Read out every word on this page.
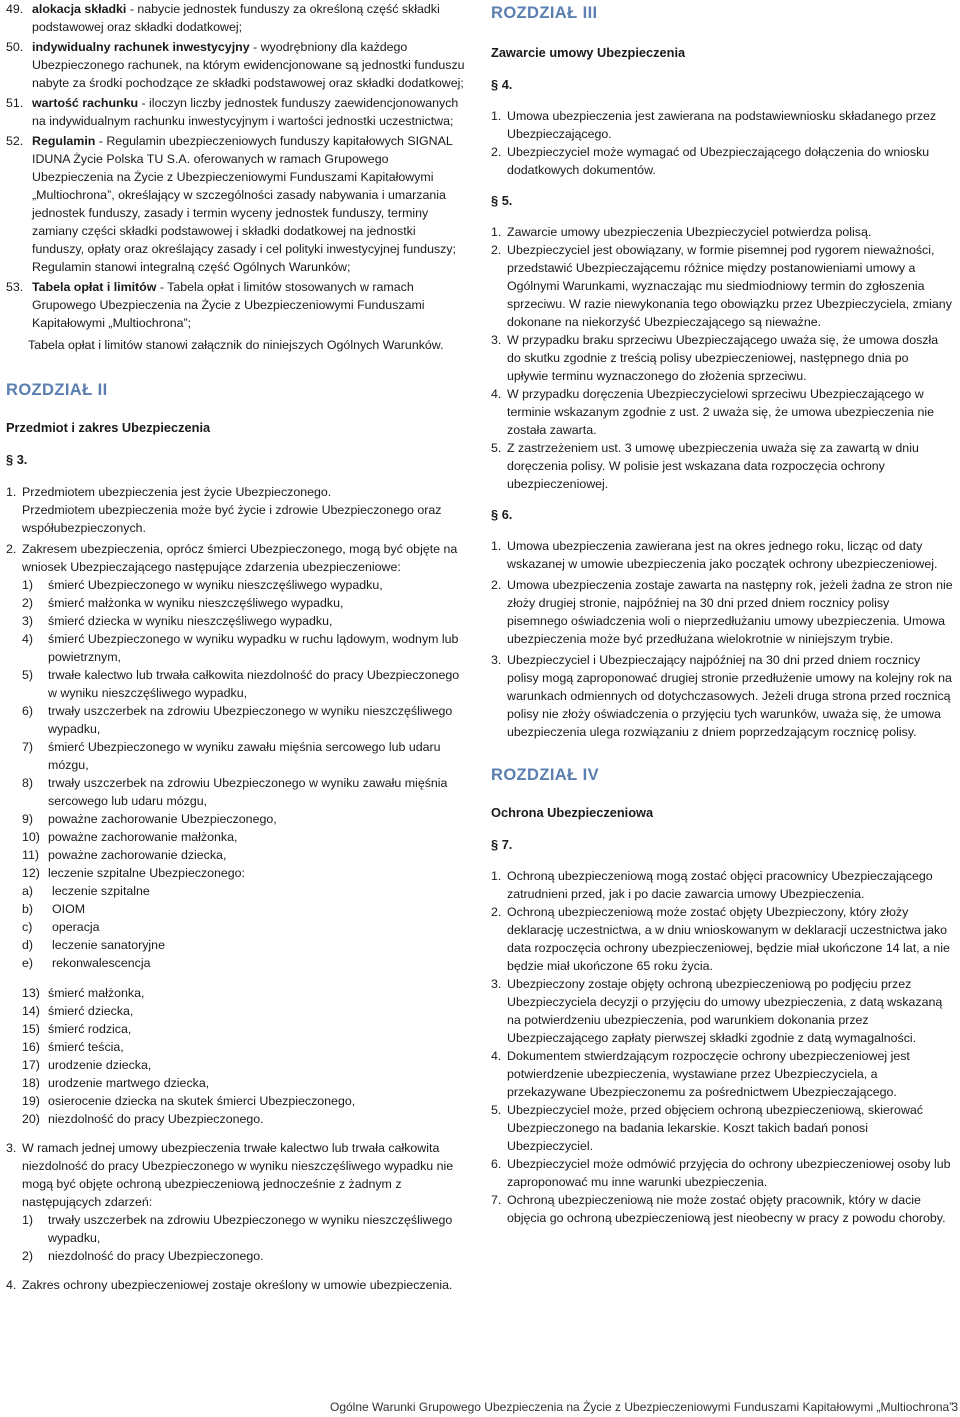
49. alokacja składki - nabycie jednostek funduszy za określoną część składki podstawowej oraz składki dodatkowej;

50. indywidualny rachunek inwestycyjny - wyodrębniony dla każdego Ubezpieczonego rachunek, na którym ewidencjonowane są jednostki funduszu nabyte za środki pochodzące ze składki podstawowej oraz składki dodatkowej;

51. wartość rachunku - iloczyn liczby jednostek funduszy zaewidencjonowanych na indywidualnym rachunku inwestycyjnym i wartości jednostki uczestnictwa;

52. Regulamin - Regulamin ubezpieczeniowych funduszy kapitałowych SIGNAL IDUNA Życie Polska TU S.A. oferowanych w ramach Grupowego Ubezpieczenia na Życie z Ubezpieczeniowymi Funduszami Kapitałowymi „Multiochrona”, określający w szczególności zasady nabywania i umarzania jednostek funduszy, zasady i termin wyceny jednostek funduszy, terminy zamiany części składki podstawowej i składki dodatkowej na jednostki funduszy, opłaty oraz określający zasady i cel polityki inwestycyjnej funduszy; Regulamin stanowi integralną część Ogólnych Warunków;

53. Tabela opłat i limitów - Tabela opłat i limitów stosowanych w ramach Grupowego Ubezpieczenia na Życie z Ubezpieczeniowymi Funduszami Kapitałowymi „Multiochrona”;
Tabela opłat i limitów stanowi załącznik do niniejszych Ogólnych Warunków.

ROZDZIAŁ II

Przedmiot i zakres Ubezpieczenia

§ 3.

1. Przedmiotem ubezpieczenia jest życie Ubezpieczonego.
Przedmiotem ubezpieczenia może być życie i zdrowie Ubezpieczonego oraz współubezpieczonych.
2. Zakresem ubezpieczenia, oprócz śmierci Ubezpieczonego, mogą być objęte na wniosek Ubezpieczającego następujące zdarzenia ubezpieczeniowe:
1) śmierć Ubezpieczonego w wyniku nieszczęśliwego wypadku,
2) śmierć małżonka w wyniku nieszczęśliwego wypadku,
3) śmierć dziecka w wyniku nieszczęśliwego wypadku,
4) śmierć Ubezpieczonego w wyniku wypadku w ruchu lądowym, wodnym lub powietrznym,
5) trwałe kalectwo lub trwała całkowita niezdolność do pracy Ubezpieczonego w wyniku nieszczęśliwego wypadku,
6) trwały uszczerbek na zdrowiu Ubezpieczonego w wyniku nieszczęśliwego wypadku,
7) śmierć Ubezpieczonego w wyniku zawału mięśnia sercowego lub udaru mózgu,
8) trwały uszczerbek na zdrowiu Ubezpieczonego w wyniku zawału mięśnia sercowego lub udaru mózgu,
9) poważne zachorowanie Ubezpieczonego,
10) poważne zachorowanie małżonka,
11) poważne zachorowanie dziecka,
12) leczenie szpitalne Ubezpieczonego:
a) leczenie szpitalne
b) OIOM
c) operacja
d) leczenie sanatoryjne
e) rekonwalescencja
13) śmierć małżonka,
14) śmierć dziecka,
15) śmierć rodzica,
16) śmierć teścia,
17) urodzenie dziecka,
18) urodzenie martwego dziecka,
19) osierocenie dziecka na skutek śmierci Ubezpieczonego,
20) niezdolność do pracy Ubezpieczonego.
3. W ramach jednej umowy ubezpieczenia trwałe kalectwo lub trwała całkowita niezdolność do pracy Ubezpieczonego w wyniku nieszczęśliwego wypadku nie mogą być objęte ochroną ubezpieczeniową jednocześnie z żadnym z następujących zdarzeń:
1) trwały uszczerbek na zdrowiu Ubezpieczonego w wyniku nieszczęśliwego wypadku,
2) niezdolność do pracy Ubezpieczonego.
4. Zakres ochrony ubezpieczeniowej zostaje określony w umowie ubezpieczenia.
ROZDZIAŁ III

Zawarcie umowy Ubezpieczenia

§ 4.

1. Umowa ubezpieczenia jest zawierana na podstawiewniosku składanego przez Ubezpieczającego.
2. Ubezpieczyciel może wymagać od Ubezpieczającego dołączenia do wniosku dodatkowych dokumentów.

§ 5.

1. Zawarcie umowy ubezpieczenia Ubezpieczyciel potwierdza polisą.
2. Ubezpieczyciel jest obowiązany, w formie pisemnej pod rygorem nieważności, przedstawić Ubezpieczającemu różnice między postanowieniami umowy a Ogólnymi Warunkami, wyznaczając mu siedmiodniowy termin do zgłoszenia sprzeciwu. W razie niewykonania tego obowiązku przez Ubezpieczyciela, zmiany dokonane na niekorzyść Ubezpieczającego są nieważne.
3. W przypadku braku sprzeciwu Ubezpieczającego uważa się, że umowa doszła do skutku zgodnie z treścią polisy ubezpieczeniowej, następnego dnia po upływie terminu wyznaczonego do złożenia sprzeciwu.
4. W przypadku doręczenia Ubezpieczycielowi sprzeciwu Ubezpieczającego w terminie wskazanym zgodnie z ust. 2 uważa się, że umowa ubezpieczenia nie została zawarta.
5. Z zastrzeżeniem ust. 3 umowę ubezpieczenia uważa się za zawartą w dniu doręczenia polisy. W polisie jest wskazana data rozpoczęcia ochrony ubezpieczeniowej.

§ 6.

1. Umowa ubezpieczenia zawierana jest na okres jednego roku, licząc od daty wskazanej w umowie ubezpieczenia jako początek ochrony ubezpieczeniowej.
2. Umowa ubezpieczenia zostaje zawarta na następny rok, jeżeli żadna ze stron nie złoży drugiej stronie, najpóźniej na 30 dni przed dniem rocznicy polisy pisemnego oświadczenia woli o nieprzedłużaniu umowy ubezpieczenia. Umowa ubezpieczenia może być przedłużana wielokrotnie w niniejszym trybie.
3. Ubezpieczyciel i Ubezpieczający najpóźniej na 30 dni przed dniem rocznicy polisy mogą zaproponować drugiej stronie przedłużenie umowy na kolejny rok na warunkach odmiennych od dotychczasowych. Jeżeli druga strona przed rocznicą polisy nie złoży oświadczenia o przyjęciu tych warunków, uważa się, że umowa ubezpieczenia ulega rozwiązaniu z dniem poprzedzającym rocznicę polisy.
ROZDZIAŁ IV

Ochrona Ubezpieczeniowa

§ 7.

1. Ochroną ubezpieczeniową mogą zostać objęci pracownicy Ubezpieczającego zatrudnieni przed, jak i po dacie zawarcia umowy Ubezpieczenia.
2. Ochroną ubezpieczeniową może zostać objęty Ubezpieczony, który złoży deklarację uczestnictwa, a w dniu wnioskowanym w deklaracji uczestnictwa jako data rozpoczęcia ochrony ubezpieczeniowej, będzie miał ukończone 14 lat, a nie będzie miał ukończone 65 roku życia.
3. Ubezpieczony zostaje objęty ochroną ubezpieczeniową po podjęciu przez Ubezpieczyciela decyzji o przyjęciu do umowy ubezpieczenia, z datą wskazaną na potwierdzeniu ubezpieczenia, pod warunkiem dokonania przez Ubezpieczającego zapłaty pierwszej składki zgodnie z datą wymagalności.
4. Dokumentem stwierdzającym rozpoczęcie ochrony ubezpieczeniowej jest potwierdzenie ubezpieczenia, wystawiane przez Ubezpieczyciela, a przekazywane Ubezpieczonemu za pośrednictwem Ubezpieczającego.
5. Ubezpieczyciel może, przed objęciem ochroną ubezpieczeniową, skierować Ubezpieczonego na badania lekarskie. Koszt takich badań ponosi Ubezpieczyciel.
6. Ubezpieczyciel może odmówić przyjęcia do ochrony ubezpieczeniowej osoby lub zaproponować mu inne warunki ubezpieczenia.
7. Ochroną ubezpieczeniową nie może zostać objęty pracownik, który w dacie objęcia go ochroną ubezpieczeniową jest nieobecny w pracy z powodu choroby.
Ogólne Warunki Grupowego Ubezpieczenia na Życie z Ubezpieczeniowymi Funduszami Kapitałowymi „Multiochrona”
3
